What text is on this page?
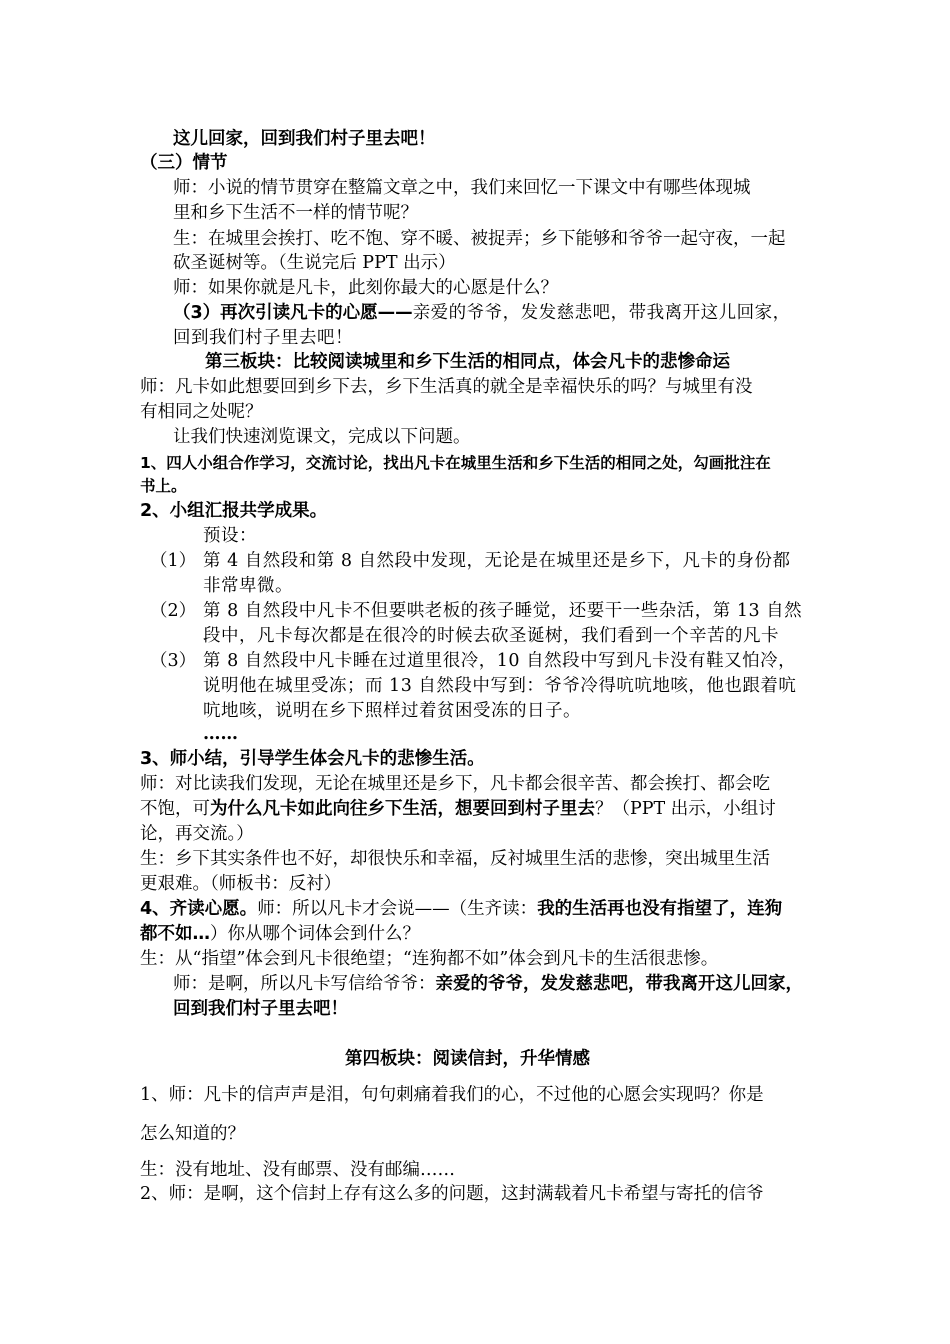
这儿回家，回到我们村子里去吧！
（三）情节
师：小说的情节贯穿在整篇文章之中，我们来回忆一下课文中有哪些体现城
里和乡下生活不一样的情节呢？
生：在城里会挨打、吃不饱、穿不暖、被捉弄；乡下能够和爷爷一起守夜，一起
砍圣诞树等。（生说完后 PPT 出示）
师：如果你就是凡卡，此刻你最大的心愿是什么？
（3）再次引读凡卡的心愿——亲爱的爷爷，发发慈悲吧，带我离开这儿回家，
回到我们村子里去吧！
第三板块：比较阅读城里和乡下生活的相同点，体会凡卡的悲惨命运
师：凡卡如此想要回到乡下去，乡下生活真的就全是幸福快乐的吗？与城里有没
有相同之处呢？
让我们快速浏览课文，完成以下问题。
1、四人小组合作学习，交流讨论，找出凡卡在城里生活和乡下生活的相同之处，勾画批注在
书上。
2、小组汇报共学成果。
预设：
（1） 第 4 自然段和第 8 自然段中发现，无论是在城里还是乡下，凡卡的身份都
非常卑微。
（2） 第 8 自然段中凡卡不但要哄老板的孩子睡觉，还要干一些杂活，第 13 自然
段中，凡卡每次都是在很冷的时候去砍圣诞树，我们看到一个辛苦的凡卡
（3） 第 8 自然段中凡卡睡在过道里很冷，10 自然段中写到凡卡没有鞋又怕冷，
说明他在城里受冻；而 13 自然段中写到：爷爷冷得吭吭地咳，他也跟着吭
吭地咳，说明在乡下照样过着贫困受冻的日子。
……
3、师小结，引导学生体会凡卡的悲惨生活。
师：对比读我们发现，无论在城里还是乡下，凡卡都会很辛苦、都会挨打、都会吃
不饱，可为什么凡卡如此向往乡下生活，想要回到村子里去？（PPT 出示，小组讨
论，再交流。）
生：乡下其实条件也不好，却很快乐和幸福，反衬城里生活的悲惨，突出城里生活
更艰难。（师板书：反衬）
4、齐读心愿。师：所以凡卡才会说——（生齐读：我的生活再也没有指望了，连狗
都不如…）你从哪个词体会到什么？
生：从“指望”体会到凡卡很绝望；“连狗都不如”体会到凡卡的生活很悲惨。
师：是啊，所以凡卡写信给爷爷：亲爱的爷爷，发发慈悲吧，带我离开这儿回家，
回到我们村子里去吧！
第四板块：阅读信封，升华情感
1、师：凡卡的信声声是泪，句句刺痛着我们的心，不过他的心愿会实现吗？你是
怎么知道的？
生：没有地址、没有邮票、没有邮编……
2、师：是啊，这个信封上存有这么多的问题，这封满载着凡卡希望与寄托的信爷
